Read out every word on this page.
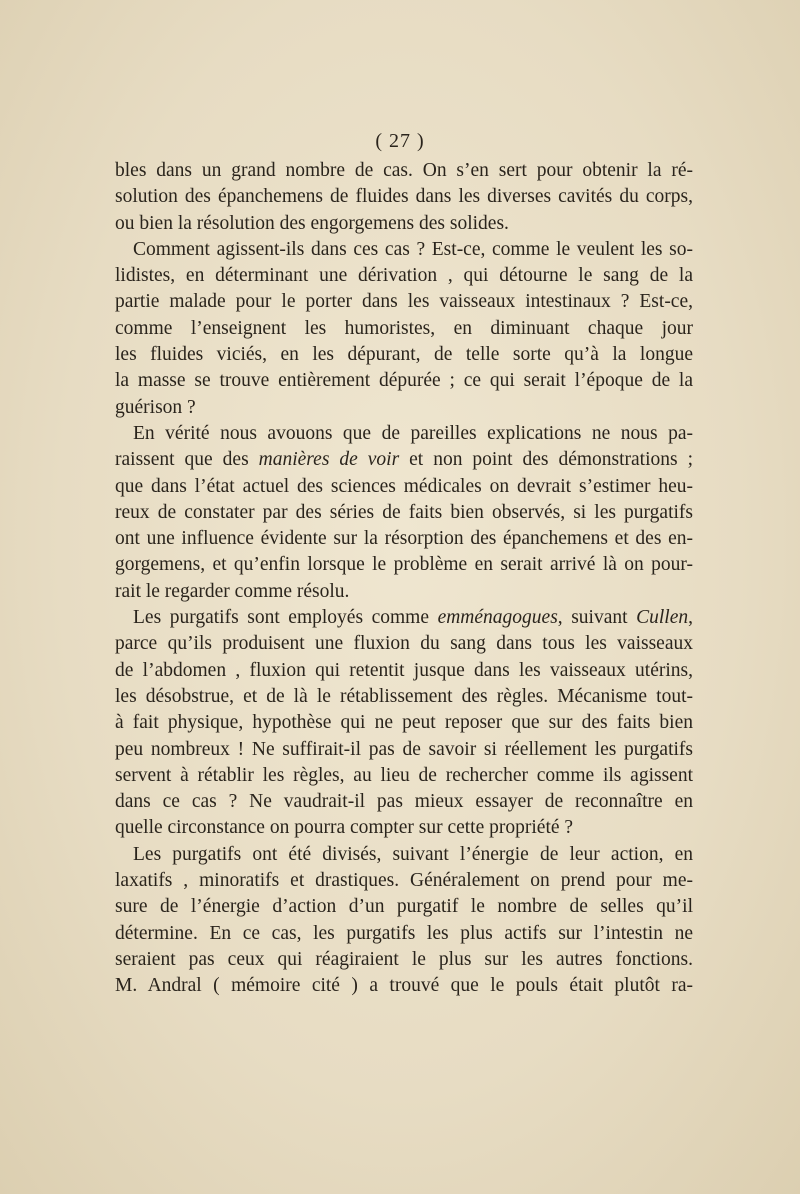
( 27 )
bles dans un grand nombre de cas. On s’en sert pour obtenir la ré-
solution des épanchemens de fluides dans les diverses cavités du corps,
ou bien la résolution des engorgemens des solides.
Comment agissent-ils dans ces cas ? Est-ce, comme le veulent les so-
lidistes, en déterminant une dérivation , qui détourne le sang de la
partie malade pour le porter dans les vaisseaux intestinaux ? Est-ce,
comme l’enseignent les humoristes, en diminuant chaque jour
les fluides viciés, en les dépurant, de telle sorte qu’à la longue
la masse se trouve entièrement dépurée ; ce qui serait l’époque de la
guérison ?
En vérité nous avouons que de pareilles explications ne nous pa-
raissent que des manières de voir et non point des démonstrations ;
que dans l’état actuel des sciences médicales on devrait s’estimer heu-
reux de constater par des séries de faits bien observés, si les purgatifs
ont une influence évidente sur la résorption des épanchemens et des en-
gorgemens, et qu’enfin lorsque le problème en serait arrivé là on pour-
rait le regarder comme résolu.
Les purgatifs sont employés comme emménagogues, suivant Cullen,
parce qu’ils produisent une fluxion du sang dans tous les vaisseaux
de l’abdomen , fluxion qui retentit jusque dans les vaisseaux utérins,
les désobstrue, et de là le rétablissement des règles. Mécanisme tout-
à fait physique, hypothèse qui ne peut reposer que sur des faits bien
peu nombreux ! Ne suffirait-il pas de savoir si réellement les purgatifs
servent à rétablir les règles, au lieu de rechercher comme ils agissent
dans ce cas ? Ne vaudrait-il pas mieux essayer de reconnaître en
quelle circonstance on pourra compter sur cette propriété ?
Les purgatifs ont été divisés, suivant l’énergie de leur action, en
laxatifs , minoratifs et drastiques. Généralement on prend pour me-
sure de l’énergie d’action d’un purgatif le nombre de selles qu’il
détermine. En ce cas, les purgatifs les plus actifs sur l’intestin ne
seraient pas ceux qui réagiraient le plus sur les autres fonctions.
M. Andral ( mémoire cité ) a trouvé que le pouls était plutôt ra-
